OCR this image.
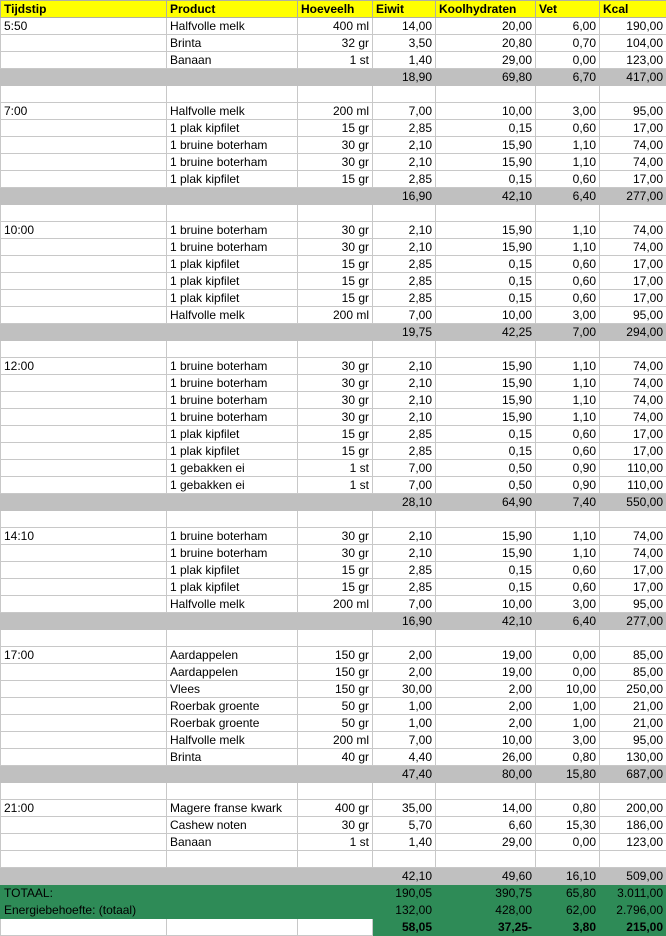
Tijdstip	Product	Hoeveelh	Eiwit	Koolhydraten	Vet	Kcal
5:50	Halfvolle melk	400 ml	14,00	20,00	6,00	190,00
	Brinta	32 gr	3,50	20,80	0,70	104,00
	Banaan	1 st	1,40	29,00	0,00	123,00
			18,90	69,80	6,70	417,00

7:00	Halfvolle melk	200 ml	7,00	10,00	3,00	95,00
	1 plak kipfilet	15 gr	2,85	0,15	0,60	17,00
	1 bruine boterham	30 gr	2,10	15,90	1,10	74,00
	1 bruine boterham	30 gr	2,10	15,90	1,10	74,00
	1 plak kipfilet	15 gr	2,85	0,15	0,60	17,00
			16,90	42,10	6,40	277,00

10:00	1 bruine boterham	30 gr	2,10	15,90	1,10	74,00
	1 bruine boterham	30 gr	2,10	15,90	1,10	74,00
	1 plak kipfilet	15 gr	2,85	0,15	0,60	17,00
	1 plak kipfilet	15 gr	2,85	0,15	0,60	17,00
	1 plak kipfilet	15 gr	2,85	0,15	0,60	17,00
	Halfvolle melk	200 ml	7,00	10,00	3,00	95,00
			19,75	42,25	7,00	294,00

12:00	1 bruine boterham	30 gr	2,10	15,90	1,10	74,00
	1 bruine boterham	30 gr	2,10	15,90	1,10	74,00
	1 bruine boterham	30 gr	2,10	15,90	1,10	74,00
	1 bruine boterham	30 gr	2,10	15,90	1,10	74,00
	1 plak kipfilet	15 gr	2,85	0,15	0,60	17,00
	1 plak kipfilet	15 gr	2,85	0,15	0,60	17,00
	1 gebakken ei	1 st	7,00	0,50	0,90	110,00
	1 gebakken ei	1 st	7,00	0,50	0,90	110,00
			28,10	64,90	7,40	550,00

14:10	1 bruine boterham	30 gr	2,10	15,90	1,10	74,00
	1 bruine boterham	30 gr	2,10	15,90	1,10	74,00
	1 plak kipfilet	15 gr	2,85	0,15	0,60	17,00
	1 plak kipfilet	15 gr	2,85	0,15	0,60	17,00
	Halfvolle melk	200 ml	7,00	10,00	3,00	95,00
			16,90	42,10	6,40	277,00

17:00	Aardappelen	150 gr	2,00	19,00	0,00	85,00
	Aardappelen	150 gr	2,00	19,00	0,00	85,00
	Vlees	150 gr	30,00	2,00	10,00	250,00
	Roerbak groente	50 gr	1,00	2,00	1,00	21,00
	Roerbak groente	50 gr	1,00	2,00	1,00	21,00
	Halfvolle melk	200 ml	7,00	10,00	3,00	95,00
	Brinta	40 gr	4,40	26,00	0,80	130,00
			47,40	80,00	15,80	687,00

21:00	Magere franse kwark	400 gr	35,00	14,00	0,80	200,00
	Cashew noten	30 gr	5,70	6,60	15,30	186,00
	Banaan	1 st	1,40	29,00	0,00	123,00

			42,10	49,60	16,10	509,00
TOTAAL:			190,05	390,75	65,80	3.011,00
Energiebehoefte: (totaal)			132,00	428,00	62,00	2.796,00
			58,05	37,25-	3,80	215,00
